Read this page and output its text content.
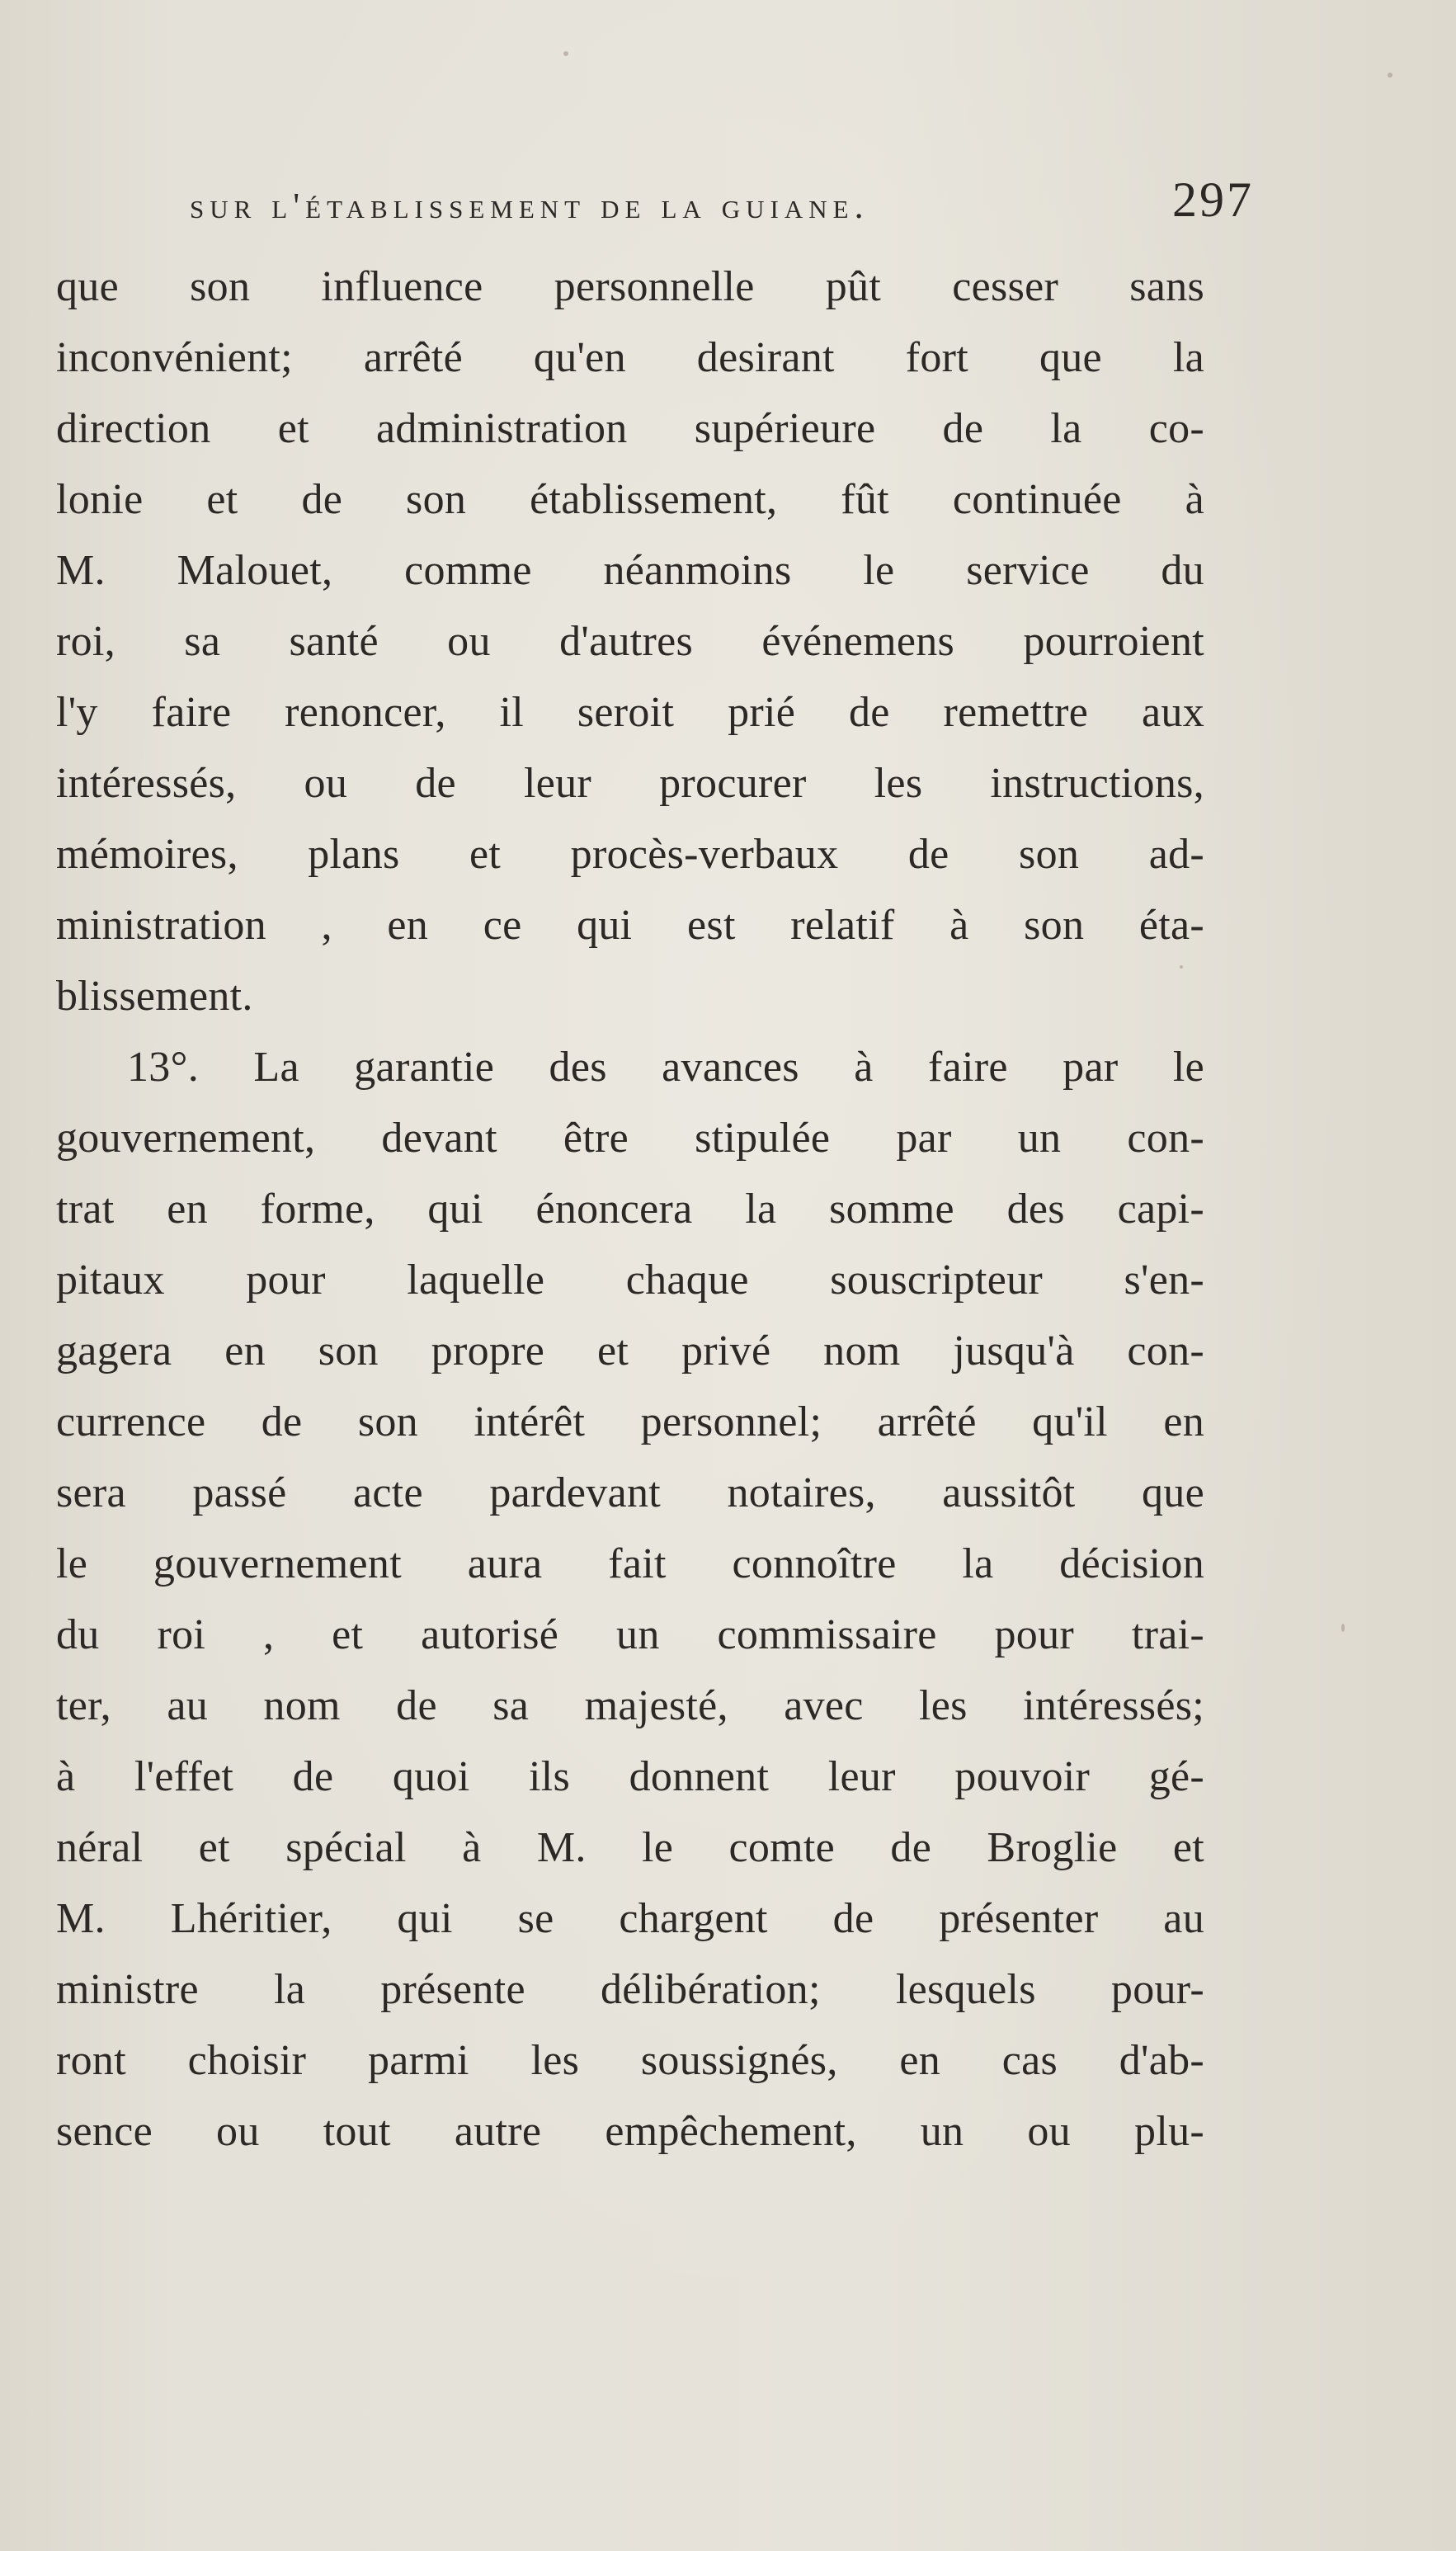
sur l'établissement de la guiane.	297
que son influence personnelle pût cesser sans
inconvénient; arrêté qu'en desirant fort que la
direction et administration supérieure de la co-
lonie et de son établissement, fût continuée à
M. Malouet, comme néanmoins le service du
roi, sa santé ou d'autres événemens pourroient
l'y faire renoncer, il seroit prié de remettre aux
intéressés, ou de leur procurer les instructions,
mémoires, plans et procès-verbaux de son ad-
ministration , en ce qui est relatif à son éta-
blissement.
13°. La garantie des avances à faire par le
gouvernement, devant être stipulée par un con-
trat en forme, qui énoncera la somme des capi-
pitaux pour laquelle chaque souscripteur s'en-
gagera en son propre et privé nom jusqu'à con-
currence de son intérêt personnel; arrêté qu'il en
sera passé acte pardevant notaires, aussitôt que
le gouvernement aura fait connoître la décision
du roi , et autorisé un commissaire pour trai-
ter, au nom de sa majesté, avec les intéressés;
à l'effet de quoi ils donnent leur pouvoir gé-
néral et spécial à M. le comte de Broglie et
M. Lhéritier, qui se chargent de présenter au
ministre la présente délibération; lesquels pour-
ront choisir parmi les soussignés, en cas d'ab-
sence ou tout autre empêchement, un ou plu-
